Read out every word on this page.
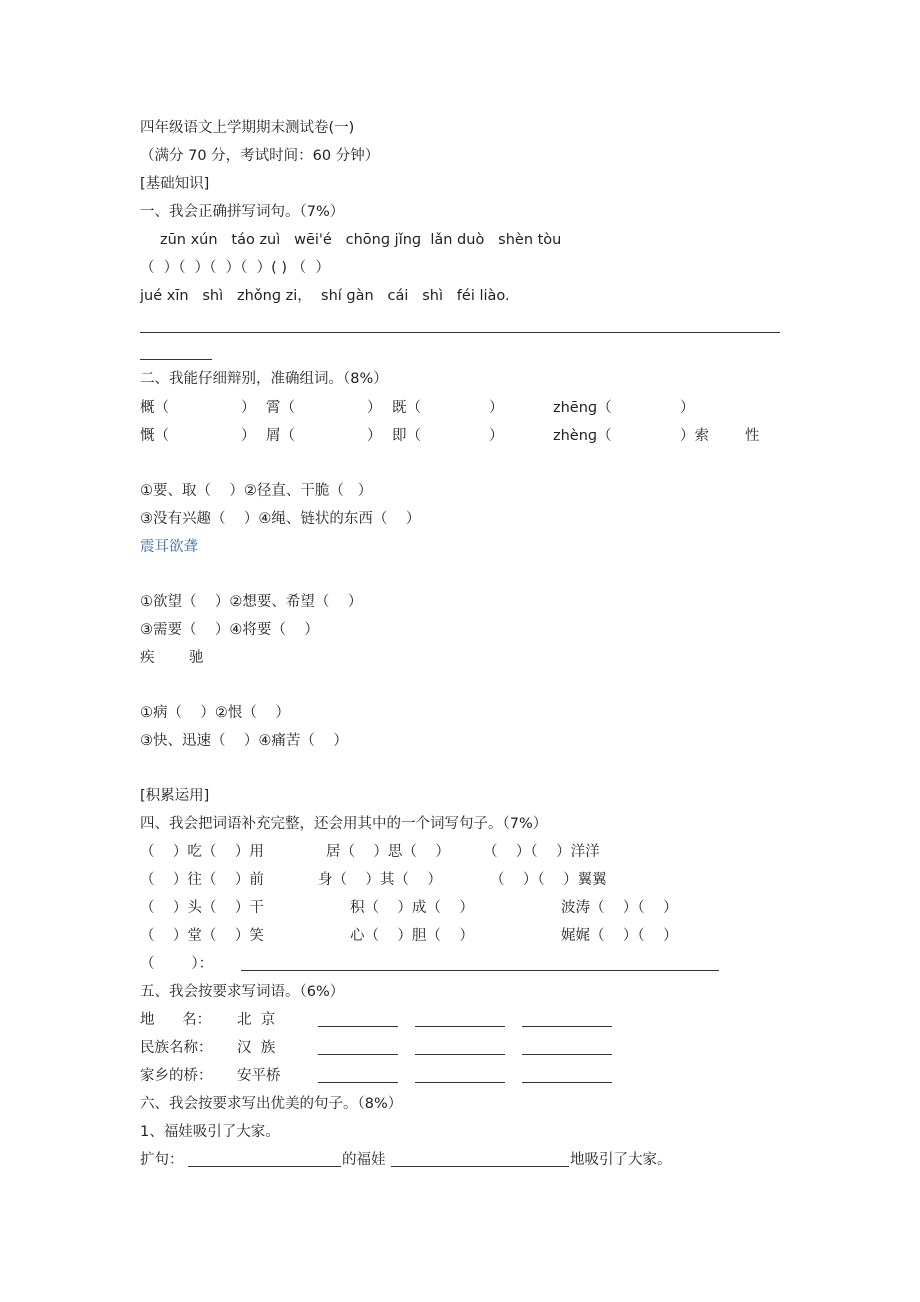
四年级语文上学期期末测试卷(一)
（满分 70 分，考试时间：60 分钟）
[基础知识]
一、我会正确拼写词句。（7%）
zūn xún   táo zuì   wēi'é   chōnɡ jǐnɡ  lǎn duò   shèn tòu
（  ）（  ）（  ）（  ）( ) （  ）
jué xīn   shì   zhǒnɡ zi，  shí ɡàn   cái   shì   féi liào.
二、我能仔细辩别，准确组词。（8%）
概（	） 霄（	） 既（	）	zhēnɡ（	）
慨（	） 屑（	） 即（	）	zhènɡ（	）索 性
①要、取（    ）②径直、干脆（   ）
③没有兴趣（    ）④绳、链状的东西（    ）
震耳欲聋
①欲望（    ）②想要、希望（    ）
③需要（    ）④将要（    ）
疾 驰
①病（    ）②恨（    ）
③快、迅速（    ）④痛苦（    ）
[积累运用]
四、我会把词语补充完整，还会用其中的一个词写句子。（7%）
（    ）吃（    ）用	居（    ）思（    ） （    ）（    ）洋洋
（    ）往（    ）前	身（    ）其（    ）	（    ）（    ）翼翼
（    ）头（    ）干	积（    ）成（    ）	波涛（    ）（    ）
（    ）堂（    ）笑	心（    ）胆（    ）	娓娓（    ）（    ）
（        ）：
五、我会按要求写词语。（6%）
地      名： 北  京
民族名称： 汉  族
家乡的桥： 安平桥
六、我会按要求写出优美的句子。（8%）
1、福娃吸引了大家。
扩句：	的福娃	地吸引了大家。
